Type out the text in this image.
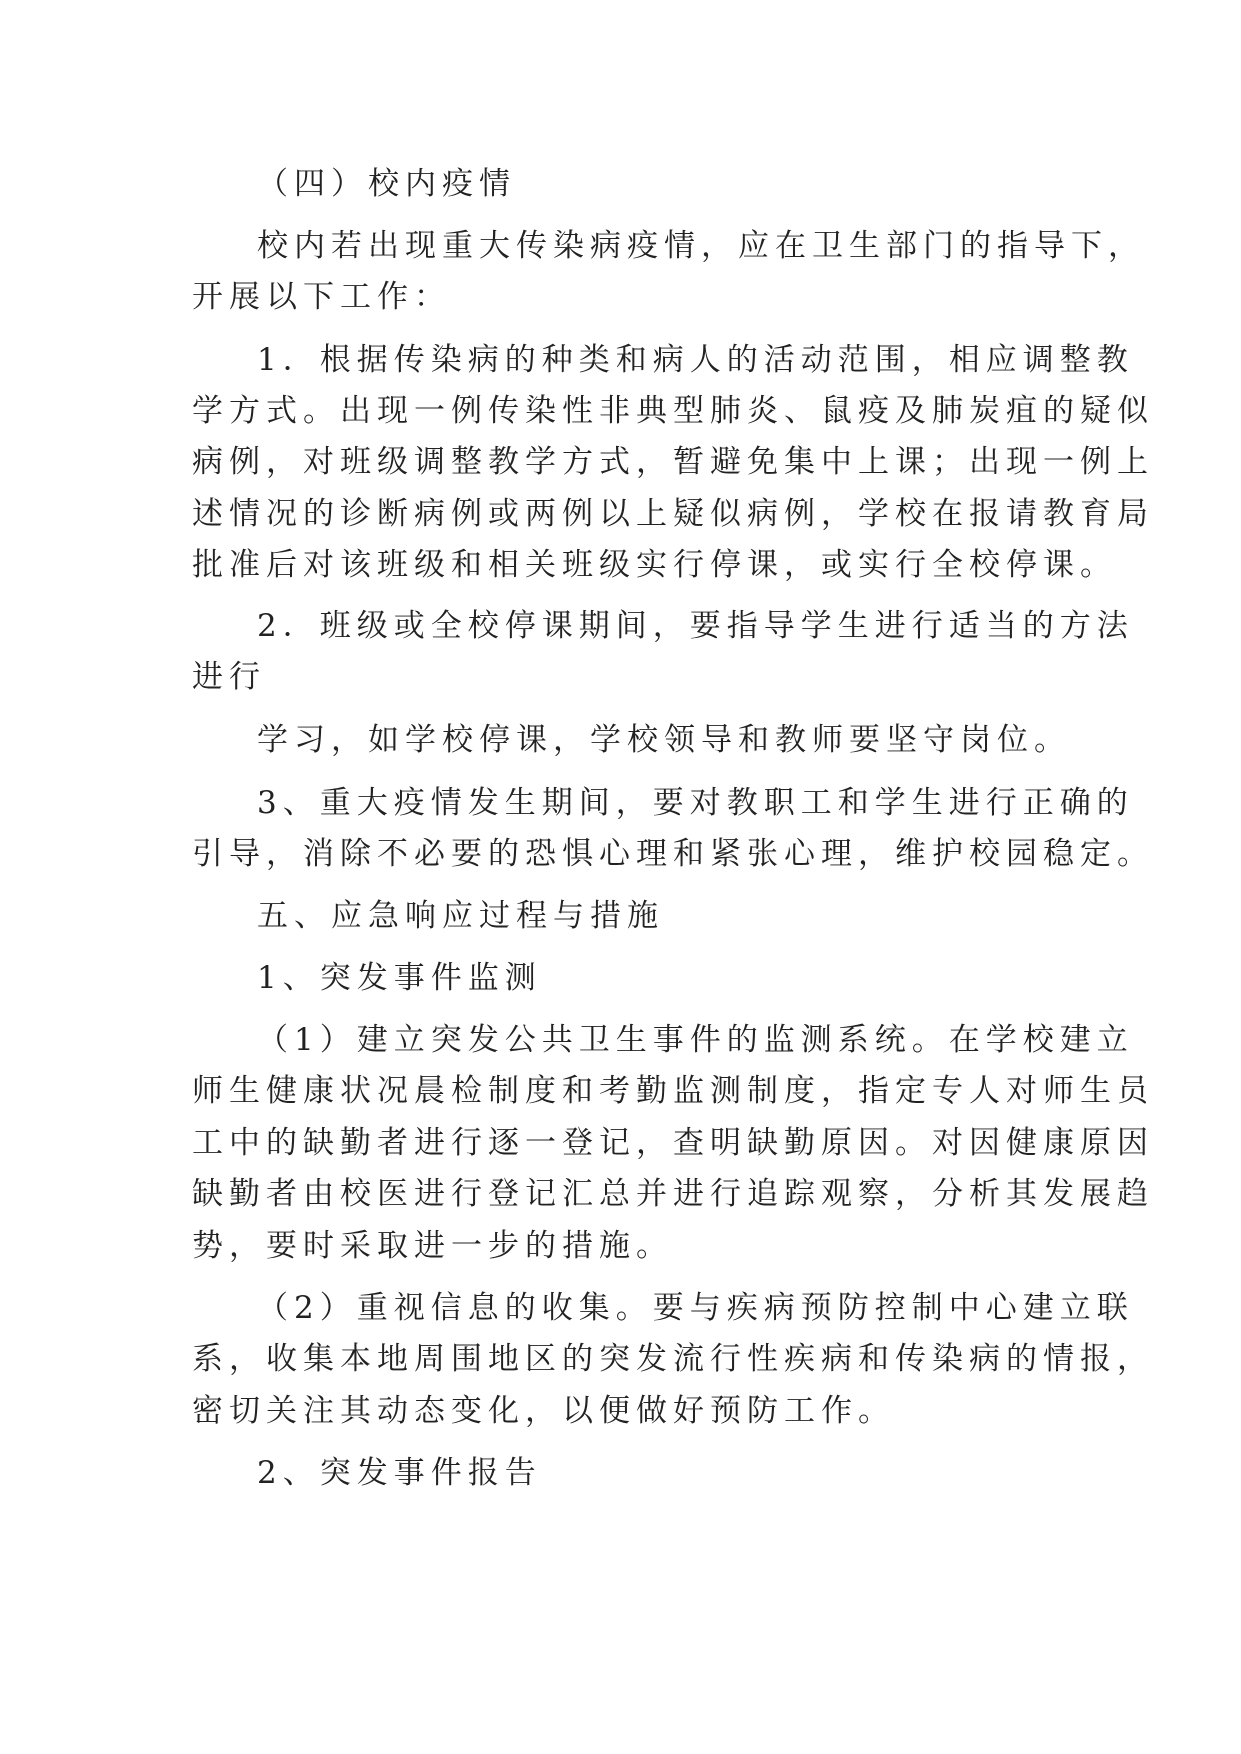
（四）校内疫情
校内若出现重大传染病疫情，应在卫生部门的指导下，
开展以下工作：
1．根据传染病的种类和病人的活动范围，相应调整教
学方式。出现一例传染性非典型肺炎、鼠疫及肺炭疽的疑似
病例，对班级调整教学方式，暂避免集中上课；出现一例上
述情况的诊断病例或两例以上疑似病例，学校在报请教育局
批准后对该班级和相关班级实行停课，或实行全校停课。
2．班级或全校停课期间，要指导学生进行适当的方法
进行
学习，如学校停课，学校领导和教师要坚守岗位。
3、重大疫情发生期间，要对教职工和学生进行正确的
引导，消除不必要的恐惧心理和紧张心理，维护校园稳定。
五、应急响应过程与措施
1、突发事件监测
（1）建立突发公共卫生事件的监测系统。在学校建立
师生健康状况晨检制度和考勤监测制度，指定专人对师生员
工中的缺勤者进行逐一登记，查明缺勤原因。对因健康原因
缺勤者由校医进行登记汇总并进行追踪观察，分析其发展趋
势，要时采取进一步的措施。
（2）重视信息的收集。要与疾病预防控制中心建立联
系，收集本地周围地区的突发流行性疾病和传染病的情报，
密切关注其动态变化，以便做好预防工作。
2、突发事件报告
